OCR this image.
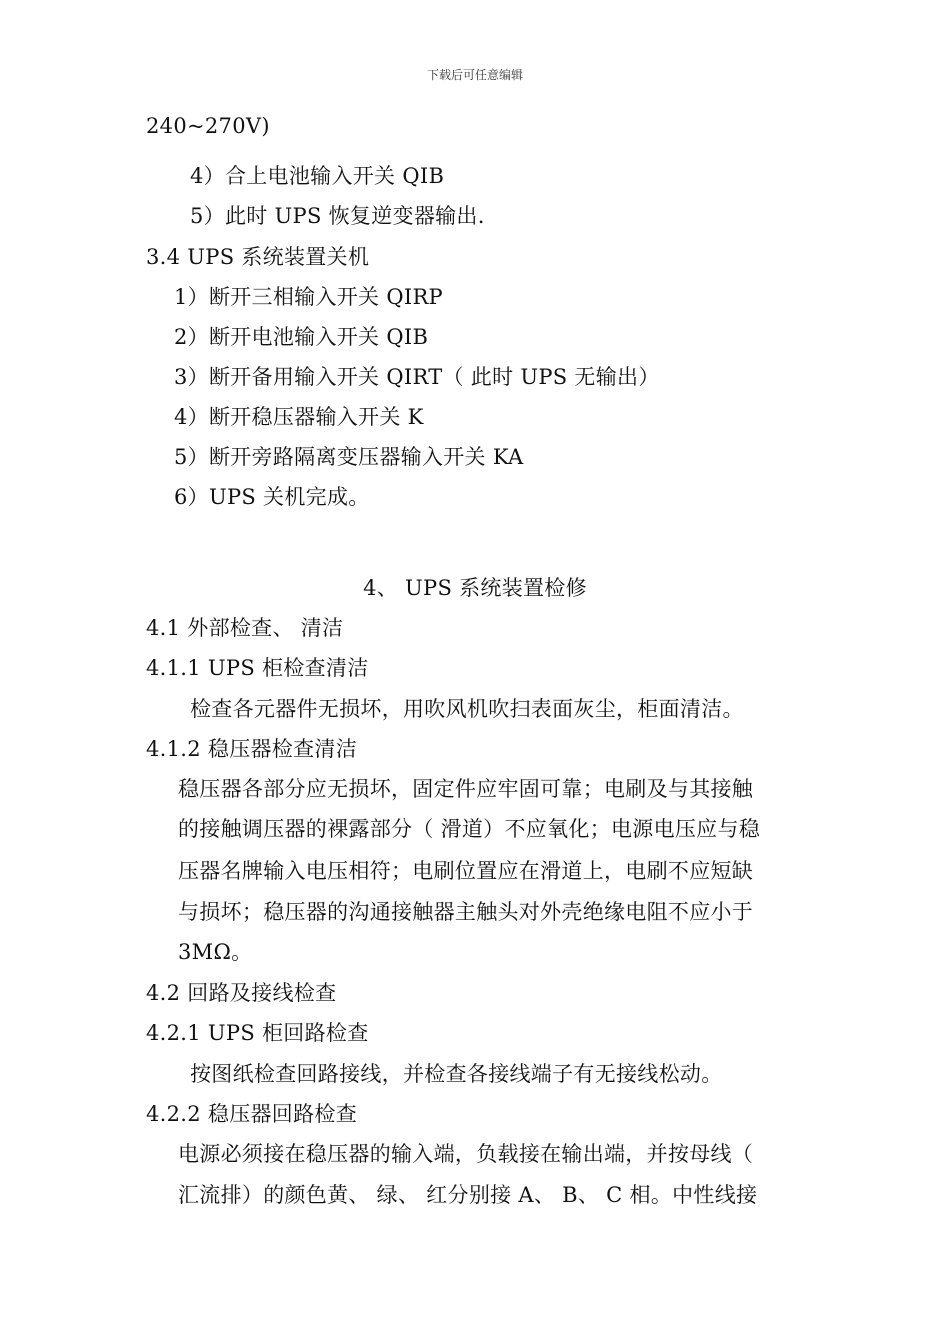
下载后可任意编辑
240~270V)
4）合上电池输入开关 QIB
5）此时 UPS 恢复逆变器输出.
3.4 UPS 系统装置关机
1）断开三相输入开关 QIRP
2）断开电池输入开关 QIB
3）断开备用输入开关 QIRT（ 此时 UPS 无输出）
4）断开稳压器输入开关 K
5）断开旁路隔离变压器输入开关 KA
6）UPS 关机完成。
4、 UPS 系统装置检修
4.1 外部检查、 清洁
4.1.1 UPS 柜检查清洁
检查各元器件无损坏，用吹风机吹扫表面灰尘，柜面清洁。
4.1.2 稳压器检查清洁
稳压器各部分应无损坏，固定件应牢固可靠；电刷及与其接触
的接触调压器的裸露部分（ 滑道）不应氧化；电源电压应与稳
压器名牌输入电压相符；电刷位置应在滑道上，电刷不应短缺
与损坏；稳压器的沟通接触器主触头对外壳绝缘电阻不应小于
3MΩ。
4.2 回路及接线检查
4.2.1 UPS 柜回路检查
按图纸检查回路接线，并检查各接线端子有无接线松动。
4.2.2 稳压器回路检查
电源必须接在稳压器的输入端，负载接在输出端，并按母线（
汇流排）的颜色黄、 绿、 红分别接 A、 B、 C 相。中性线接
